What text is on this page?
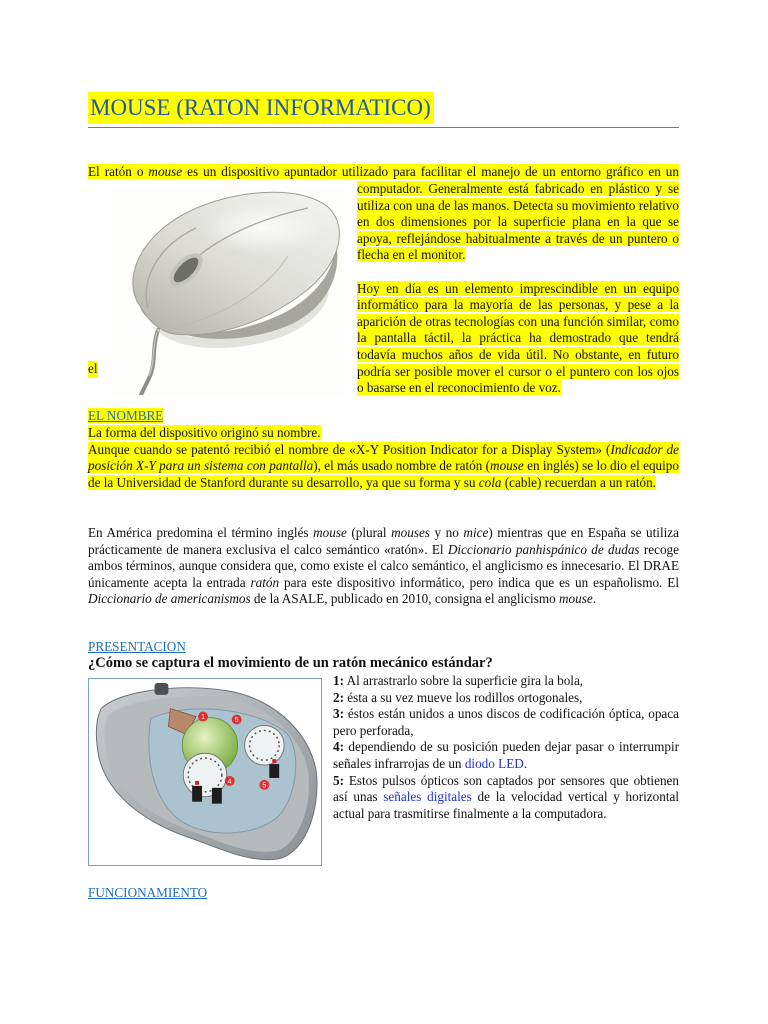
MOUSE (RATON INFORMATICO)

El ratón o mouse es un dispositivo apuntador utilizado para facilitar el manejo de un entorno gráfico en un

computador. Generalmente está fabricado en plástico y se utiliza con una de las manos. Detecta su movimiento relativo en dos dimensiones por la superficie plana en la que se apoya, reflejándose habitualmente a través de un puntero o flecha en el monitor.

Hoy en día es un elemento imprescindible en un equipo informático para la mayoría de las personas, y pese a la aparición de otras tecnologías con una función similar, como la pantalla táctil, la práctica ha demostrado que tendrá todavía muchos años de vida útil. No obstante, en futuro podría ser posible mover el cursor o el puntero con los ojos o basarse en el reconocimiento de voz.

el

EL NOMBRE

La forma del dispositivo originó su nombre.

Aunque cuando se patentó recibió el nombre de «X-Y Position Indicator for a Display System» (Indicador de posición X-Y para un sistema con pantalla), el más usado nombre de ratón (mouse en inglés) se lo dio el equipo de la Universidad de Stanford durante su desarrollo, ya que su forma y su cola (cable) recuerdan a un ratón.

En América predomina el término inglés mouse (plural mouses y no mice) mientras que en España se utiliza prácticamente de manera exclusiva el calco semántico «ratón». El Diccionario panhispánico de dudas recoge ambos términos, aunque considera que, como existe el calco semántico, el anglicismo es innecesario. El DRAE únicamente acepta la entrada ratón para este dispositivo informático, pero indica que es un españolismo. El Diccionario de americanismos de la ASALE, publicado en 2010, consigna el anglicismo mouse.

PRESENTACION
¿Cómo se captura el movimiento de un ratón mecánico estándar?
1	5
4
5

1: Al arrastrarlo sobre la superficie gira la bola,

2: ésta a su vez mueve los rodillos ortogonales,

3: éstos están unidos a unos discos de codificación óptica, opaca pero perforada,

4: dependiendo de su posición pueden dejar pasar o interrumpir señales infrarrojas de un diodo LED.

5: Estos pulsos ópticos son captados por sensores que obtienen así unas señales digitales de la velocidad vertical y horizontal actual para trasmitirse finalmente a la computadora.

FUNCIONAMIENTO
